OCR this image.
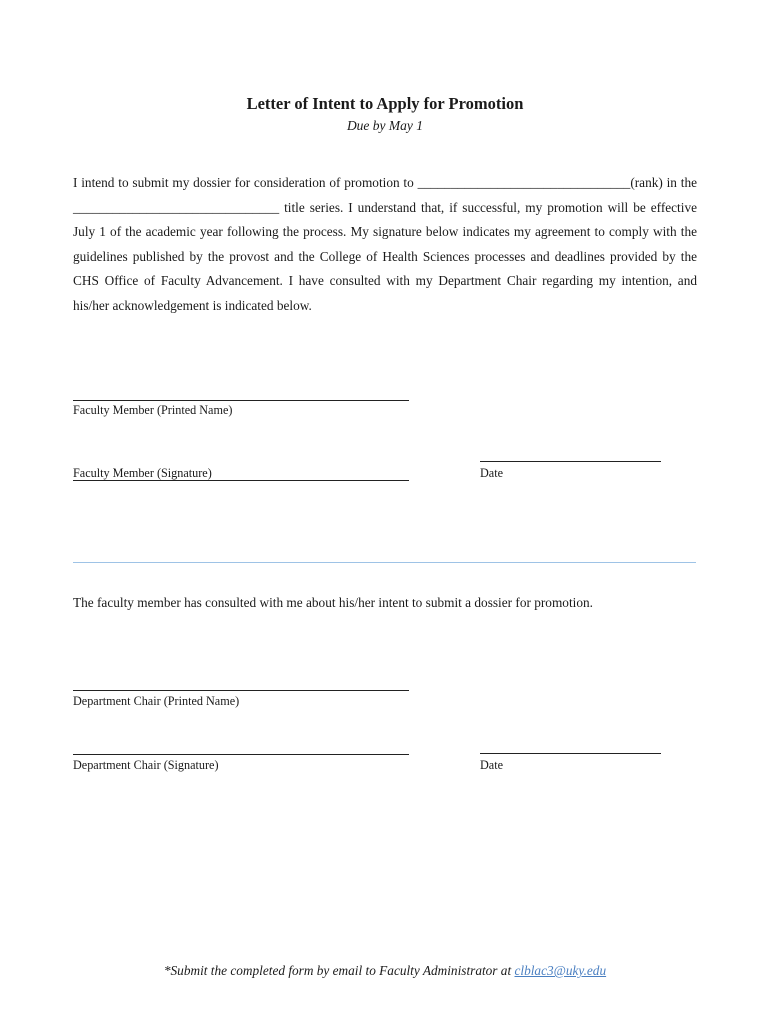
Letter of Intent to Apply for Promotion

Due by May 1

I intend to submit my dossier for consideration of promotion to ________________________________(rank) in the _______________________________ title series. I understand that, if successful, my promotion will be effective July 1 of the academic year following the process. My signature below indicates my agreement to comply with the guidelines published by the provost and the College of Health Sciences processes and deadlines provided by the CHS Office of Faculty Advancement. I have consulted with my Department Chair regarding my intention, and his/her acknowledgement is indicated below.

Faculty Member (Printed Name)
Faculty Member (Signature)	Date

The faculty member has consulted with me about his/her intent to submit a dossier for promotion.

Department Chair (Printed Name)
Department Chair (Signature)	Date

*Submit the completed form by email to Faculty Administrator at clblac3@uky.edu
